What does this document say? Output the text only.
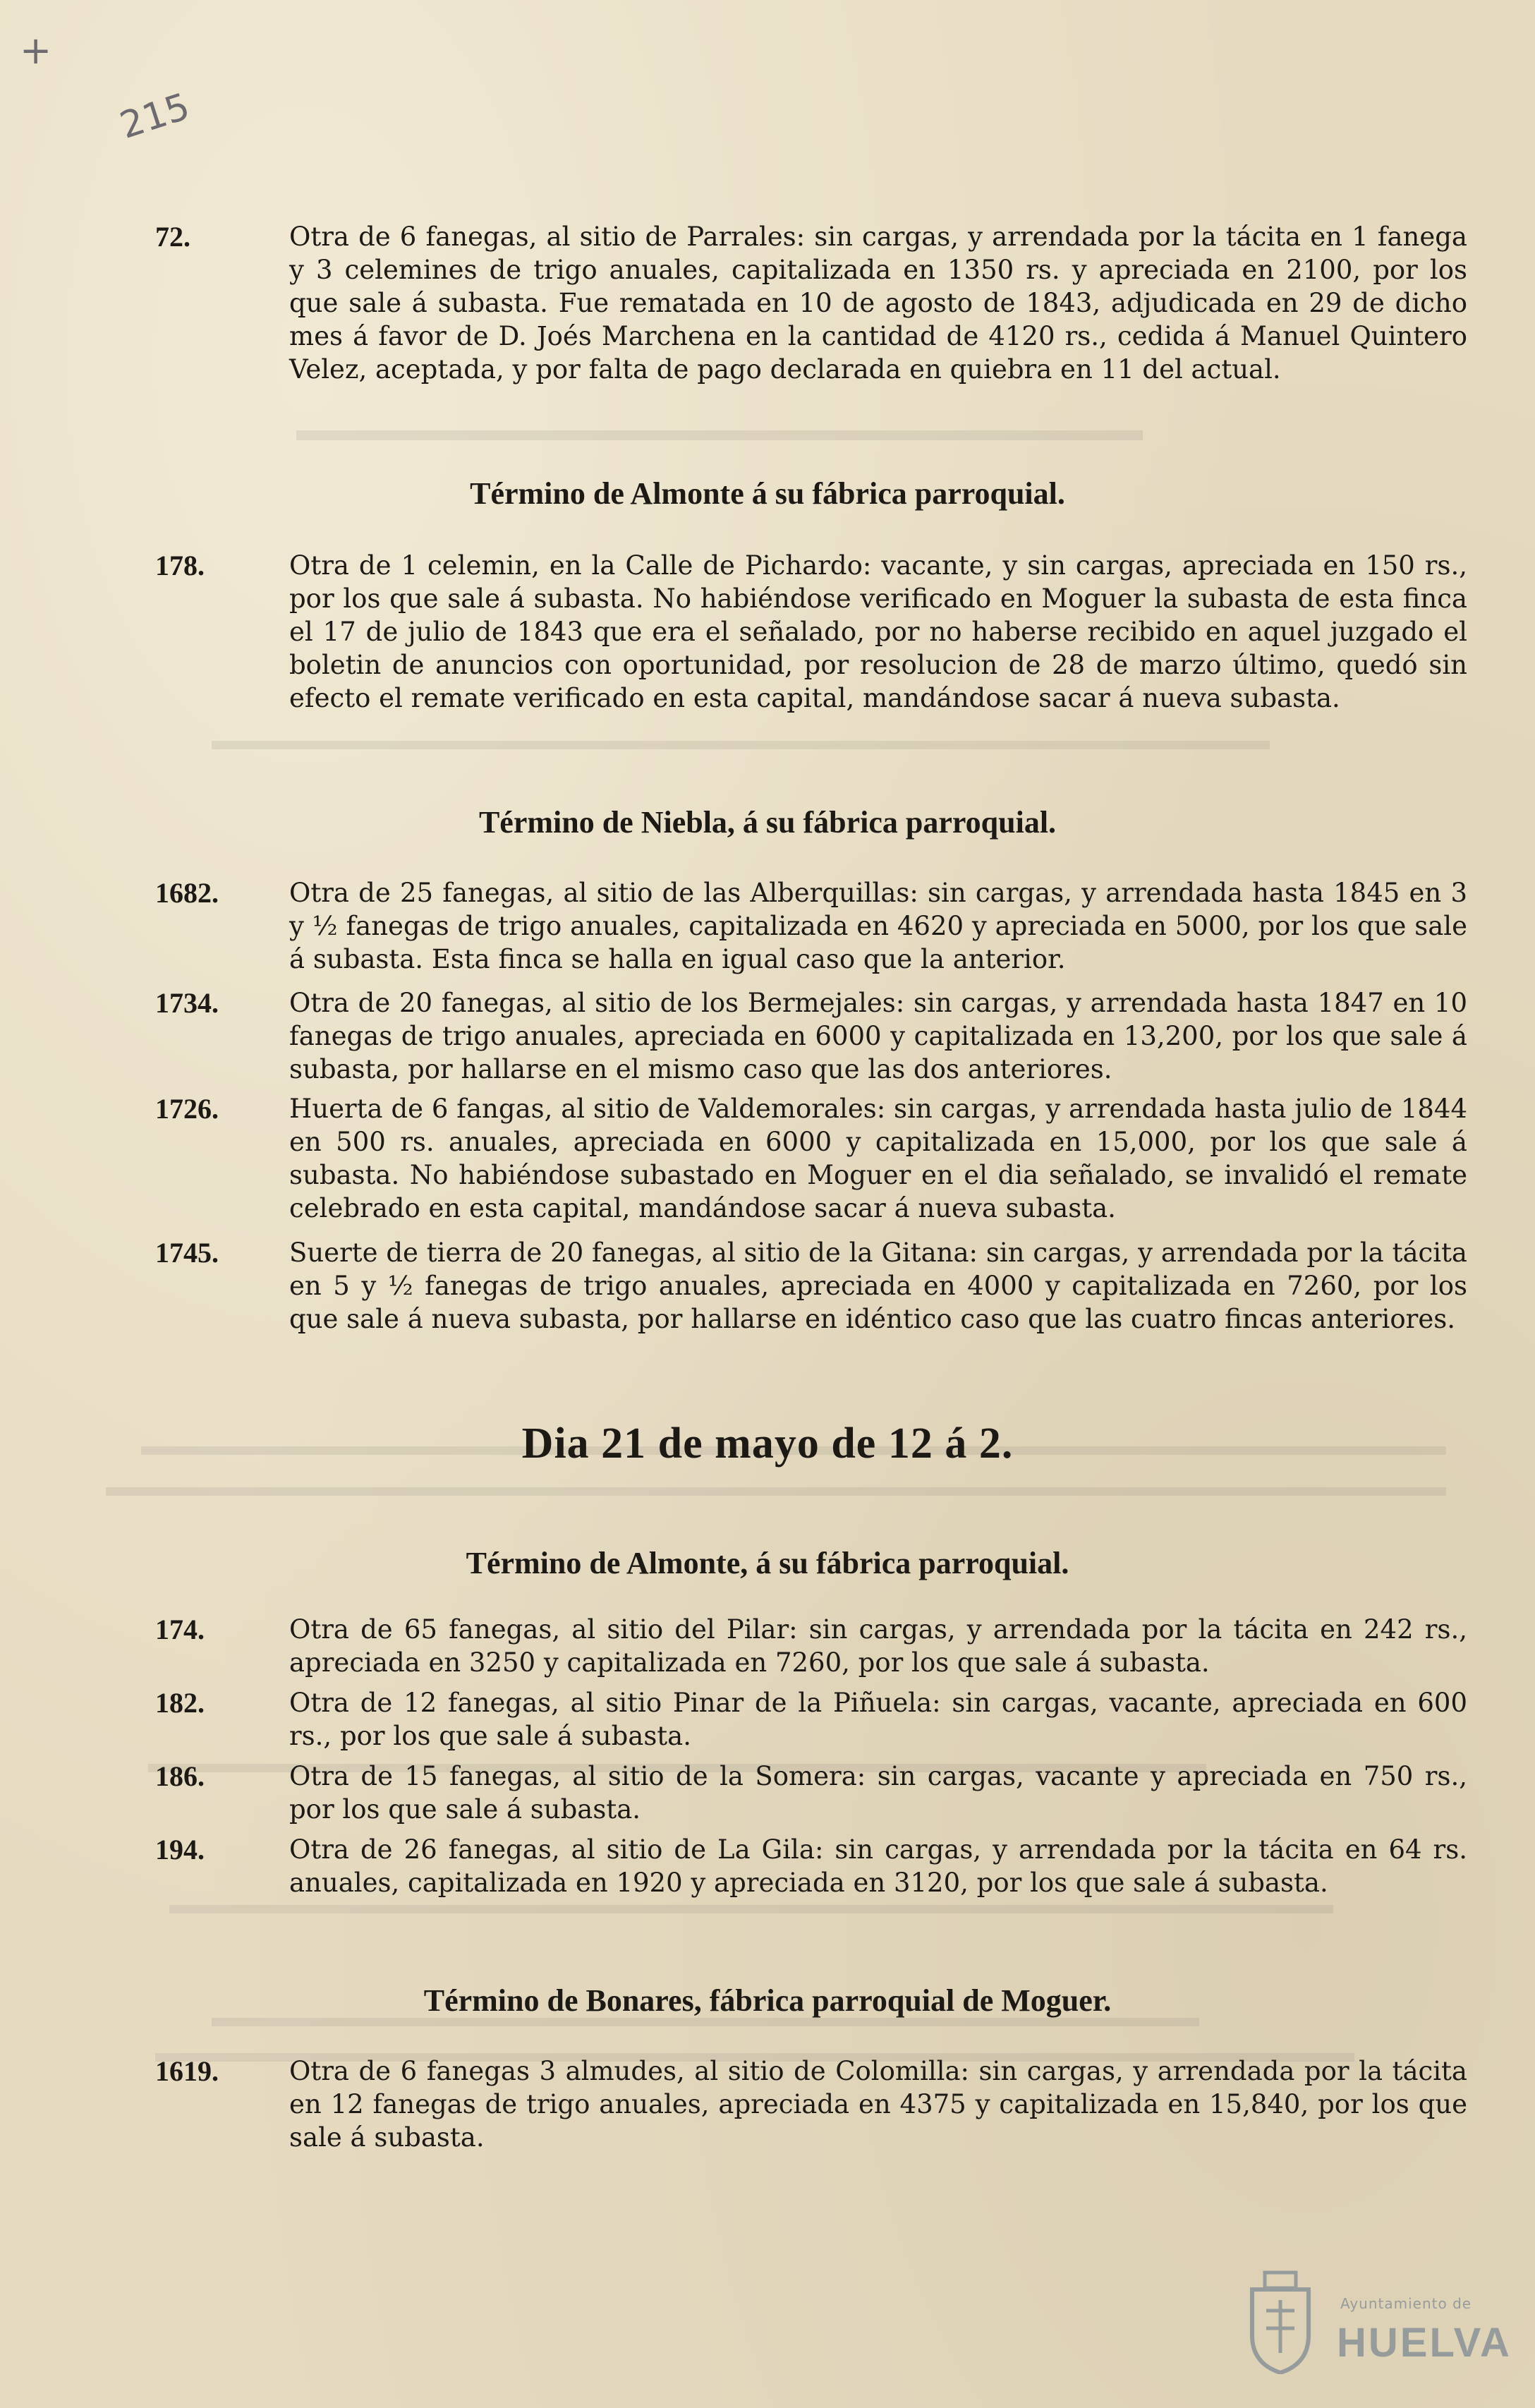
+
215
72.	Otra de 6 fanegas, al sitio de Parrales: sin cargas, y arrendada por la tácita en 1 fanega y 3 celemines de trigo anuales, capitalizada en 1350 rs. y apreciada en 2100, por los que sale á subasta. Fue rematada en 10 de agosto de 1843, adjudicada en 29 de dicho mes á favor de D. Joés Marchena en la cantidad de 4120 rs., cedida á Manuel Quintero Velez, aceptada, y por falta de pago declarada en quiebra en 11 del actual.
Término de Almonte á su fábrica parroquial.
178.	Otra de 1 celemin, en la Calle de Pichardo: vacante, y sin cargas, apreciada en 150 rs., por los que sale á subasta. No habiéndose verificado en Moguer la subasta de esta finca el 17 de julio de 1843 que era el señalado, por no haberse recibido en aquel juzgado el boletin de anuncios con oportunidad, por resolucion de 28 de marzo último, quedó sin efecto el remate verificado en esta capital, mandándose sacar á nueva subasta.
Término de Niebla, á su fábrica parroquial.
1682.	Otra de 25 fanegas, al sitio de las Alberquillas: sin cargas, y arrendada hasta 1845 en 3 y ½ fanegas de trigo anuales, capitalizada en 4620 y apreciada en 5000, por los que sale á subasta. Esta finca se halla en igual caso que la anterior.
1734.	Otra de 20 fanegas, al sitio de los Bermejales: sin cargas, y arrendada hasta 1847 en 10 fanegas de trigo anuales, apreciada en 6000 y capitalizada en 13,200, por los que sale á subasta, por hallarse en el mismo caso que las dos anteriores.
1726.	Huerta de 6 fangas, al sitio de Valdemorales: sin cargas, y arrendada hasta julio de 1844 en 500 rs. anuales, apreciada en 6000 y capitalizada en 15,000, por los que sale á subasta. No habiéndose subastado en Moguer en el dia señalado, se invalidó el remate celebrado en esta capital, mandándose sacar á nueva subasta.
1745.	Suerte de tierra de 20 fanegas, al sitio de la Gitana: sin cargas, y arrendada por la tácita en 5 y ½ fanegas de trigo anuales, apreciada en 4000 y capitalizada en 7260, por los que sale á nueva subasta, por hallarse en idéntico caso que las cuatro fincas anteriores.
Dia 21 de mayo de 12 á 2.
Término de Almonte, á su fábrica parroquial.
174.	Otra de 65 fanegas, al sitio del Pilar: sin cargas, y arrendada por la tácita en 242 rs., apreciada en 3250 y capitalizada en 7260, por los que sale á subasta.
182.	Otra de 12 fanegas, al sitio Pinar de la Piñuela: sin cargas, vacante, apreciada en 600 rs., por los que sale á subasta.
186.	Otra de 15 fanegas, al sitio de la Somera: sin cargas, vacante y apreciada en 750 rs., por los que sale á subasta.
194.	Otra de 26 fanegas, al sitio de La Gila: sin cargas, y arrendada por la tácita en 64 rs. anuales, capitalizada en 1920 y apreciada en 3120, por los que sale á subasta.
Término de Bonares, fábrica parroquial de Moguer.
1619.	Otra de 6 fanegas 3 almudes, al sitio de Colomilla: sin cargas, y arrendada por la tácita en 12 fanegas de trigo anuales, apreciada en 4375 y capitalizada en 15,840, por los que sale á subasta.
Ayuntamiento de
HUELVA
